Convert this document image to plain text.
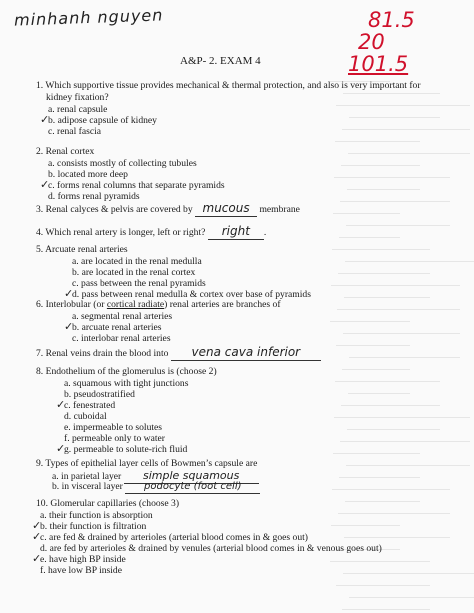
minhanh nguyen	81.5
20
101.5
A&P- 2. EXAM 4
1. Which supportive tissue provides mechanical & thermal protection, and also is very important for
kidney fixation?
a. renal capsule
b. adipose capsule of kidney
c. renal fascia
✓
2. Renal cortex
a. consists mostly of collecting tubules
b. located more deep
c. forms renal columns that separate pyramids
d. forms renal pyramids
✓
3. Renal calyces & pelvis are covered by mucous membrane
4. Which renal artery is longer, left or right? right .
5. Arcuate renal arteries
a. are located in the renal medulla
b. are located in the renal cortex
c. pass between the renal pyramids
d. pass between renal medulla & cortex over base of pyramids
✓
6. Interlobular (or cortical radiate) renal arteries are branches of
a. segmental renal arteries
b. arcuate renal arteries
c. interlobar renal arteries
✓
7. Renal veins drain the blood into vena cava inferior
8. Endothelium of the glomerulus is (choose 2)
a. squamous with tight junctions
b. pseudostratified
c. fenestrated
d. cuboidal
e. impermeable to solutes
f. permeable only to water
g. permeable to solute-rich fluid
✓
✓
9. Types of epithelial layer cells of Bowmen’s capsule are
a. in parietal layer simple squamous
b. in visceral layer podocyte (foot cell)
10. Glomerular capillaries (choose 3)
a. their function is absorption
b. their function is filtration
c. are fed & drained by arterioles (arterial blood comes in & goes out)
d. are fed by arterioles & drained by venules (arterial blood comes in & venous goes out)
e. have high BP inside
f. have low BP inside
✓
✓
✓
